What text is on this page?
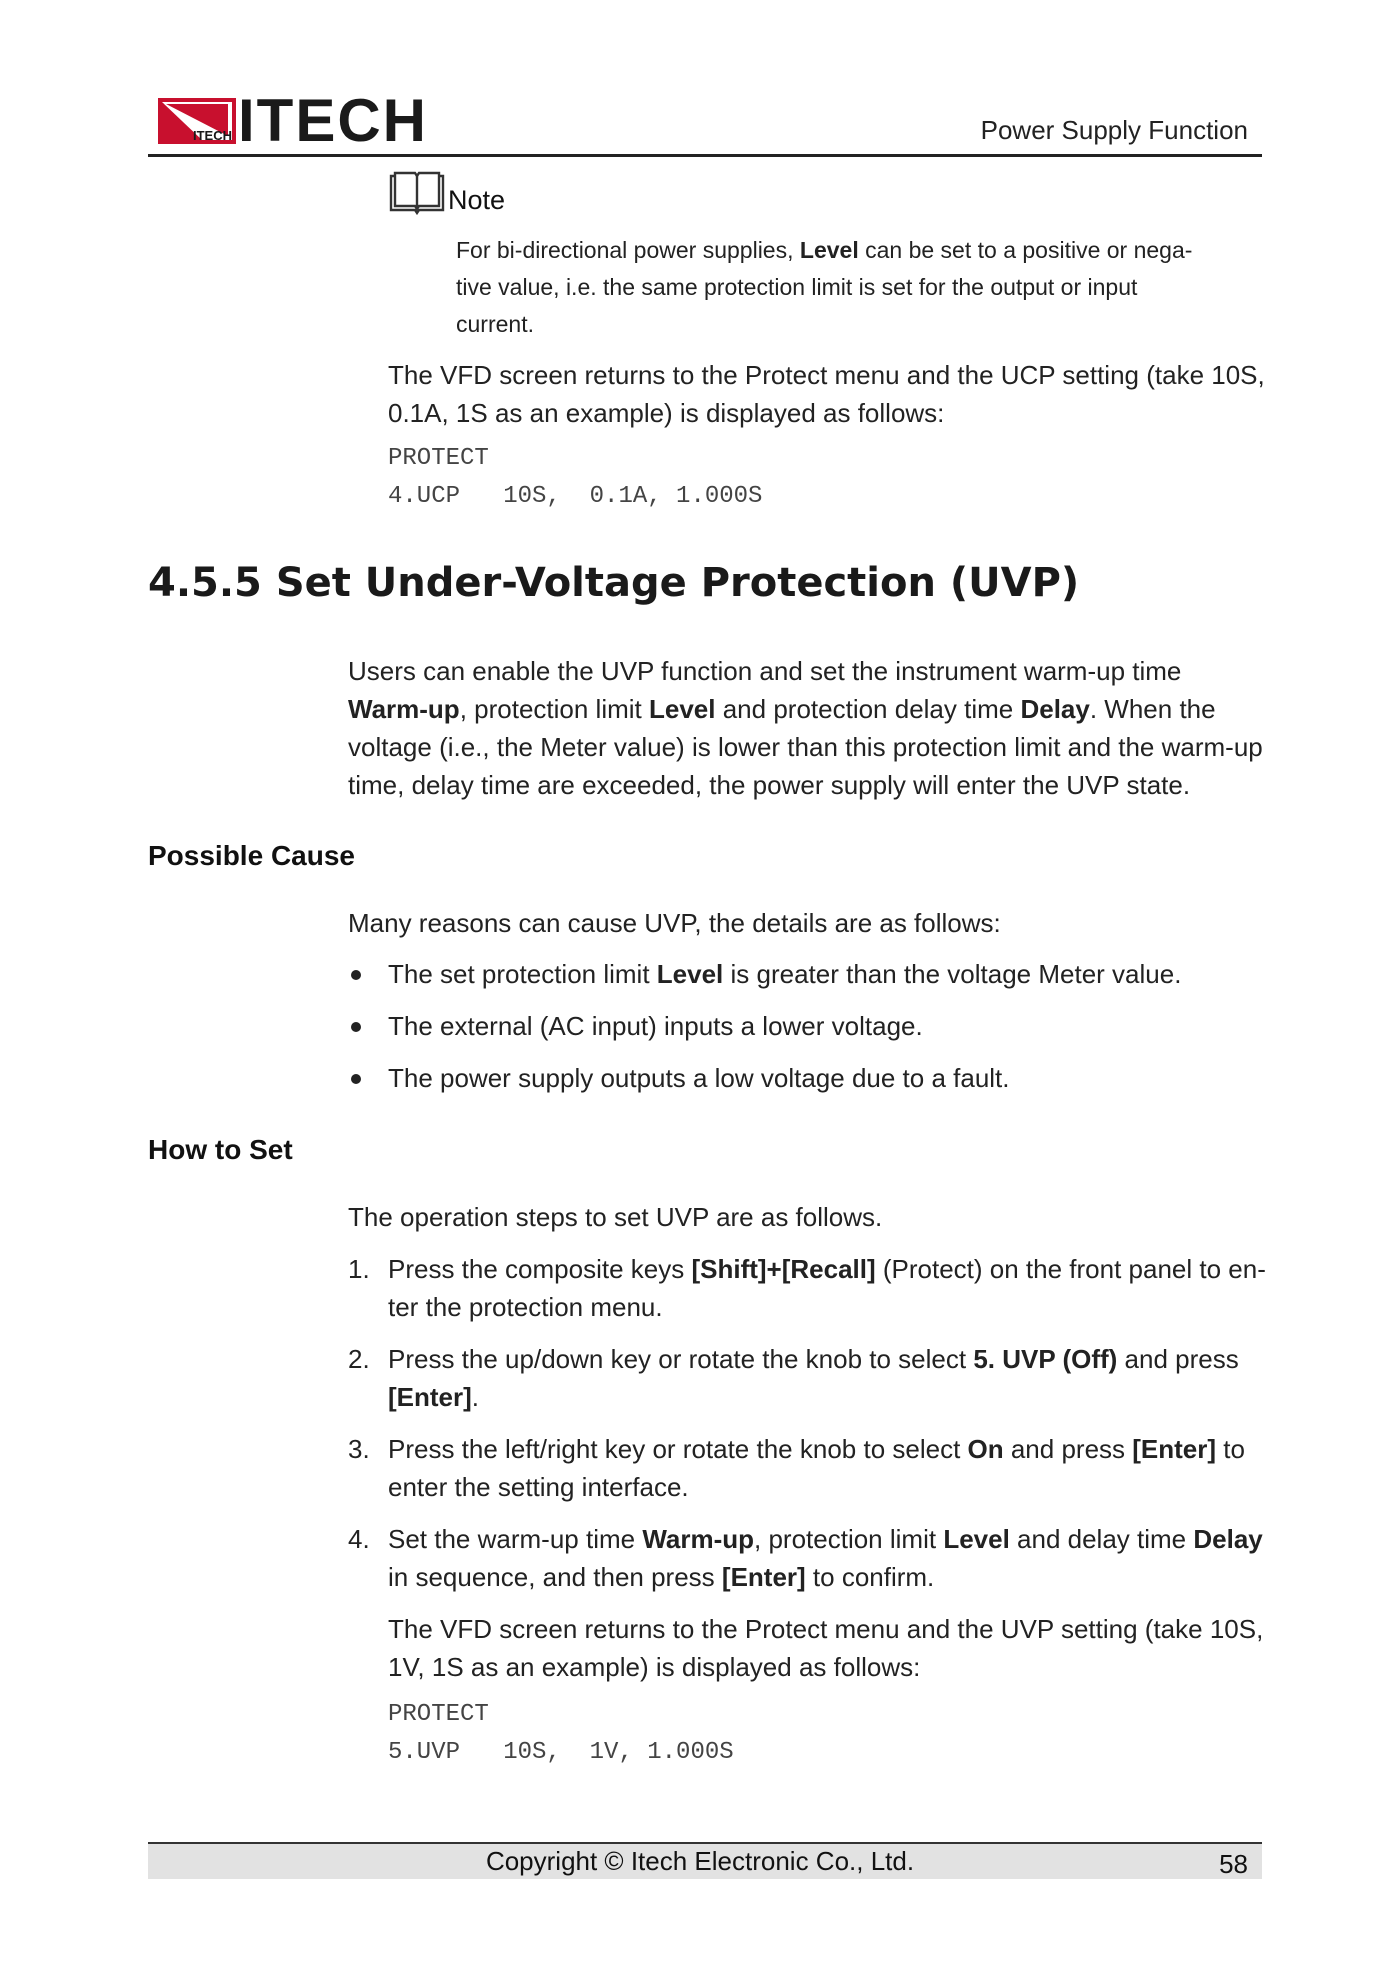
ITECH ITECH	Power Supply Function
Note

For bi-directional power supplies, Level can be set to a positive or nega-tive value, i.e. the same protection limit is set for the output or input current.

The VFD screen returns to the Protect menu and the UCP setting (take 10S, 0.1A, 1S as an example) is displayed as follows:

PROTECT
4.UCP   10S,  0.1A, 1.000S
4.5.5 Set Under-Voltage Protection (UVP)

Users can enable the UVP function and set the instrument warm-up time Warm-up, protection limit Level and protection delay time Delay. When the voltage (i.e., the Meter value) is lower than this protection limit and the warm-up time, delay time are exceeded, the power supply will enter the UVP state.

Possible Cause

Many reasons can cause UVP, the details are as follows:

The set protection limit Level is greater than the voltage Meter value.
The external (AC input) inputs a lower voltage.
The power supply outputs a low voltage due to a fault.
How to Set

The operation steps to set UVP are as follows.

1. Press the composite keys [Shift]+[Recall] (Protect) on the front panel to en-ter the protection menu.
2. Press the up/down key or rotate the knob to select 5. UVP (Off) and press [Enter].
3. Press the left/right key or rotate the knob to select On and press [Enter] to enter the setting interface.
4. Set the warm-up time Warm-up, protection limit Level and delay time Delay in sequence, and then press [Enter] to confirm.

The VFD screen returns to the Protect menu and the UVP setting (take 10S, 1V, 1S as an example) is displayed as follows:

PROTECT
5.UVP   10S,  1V, 1.000S
Copyright © Itech Electronic Co., Ltd.	58
